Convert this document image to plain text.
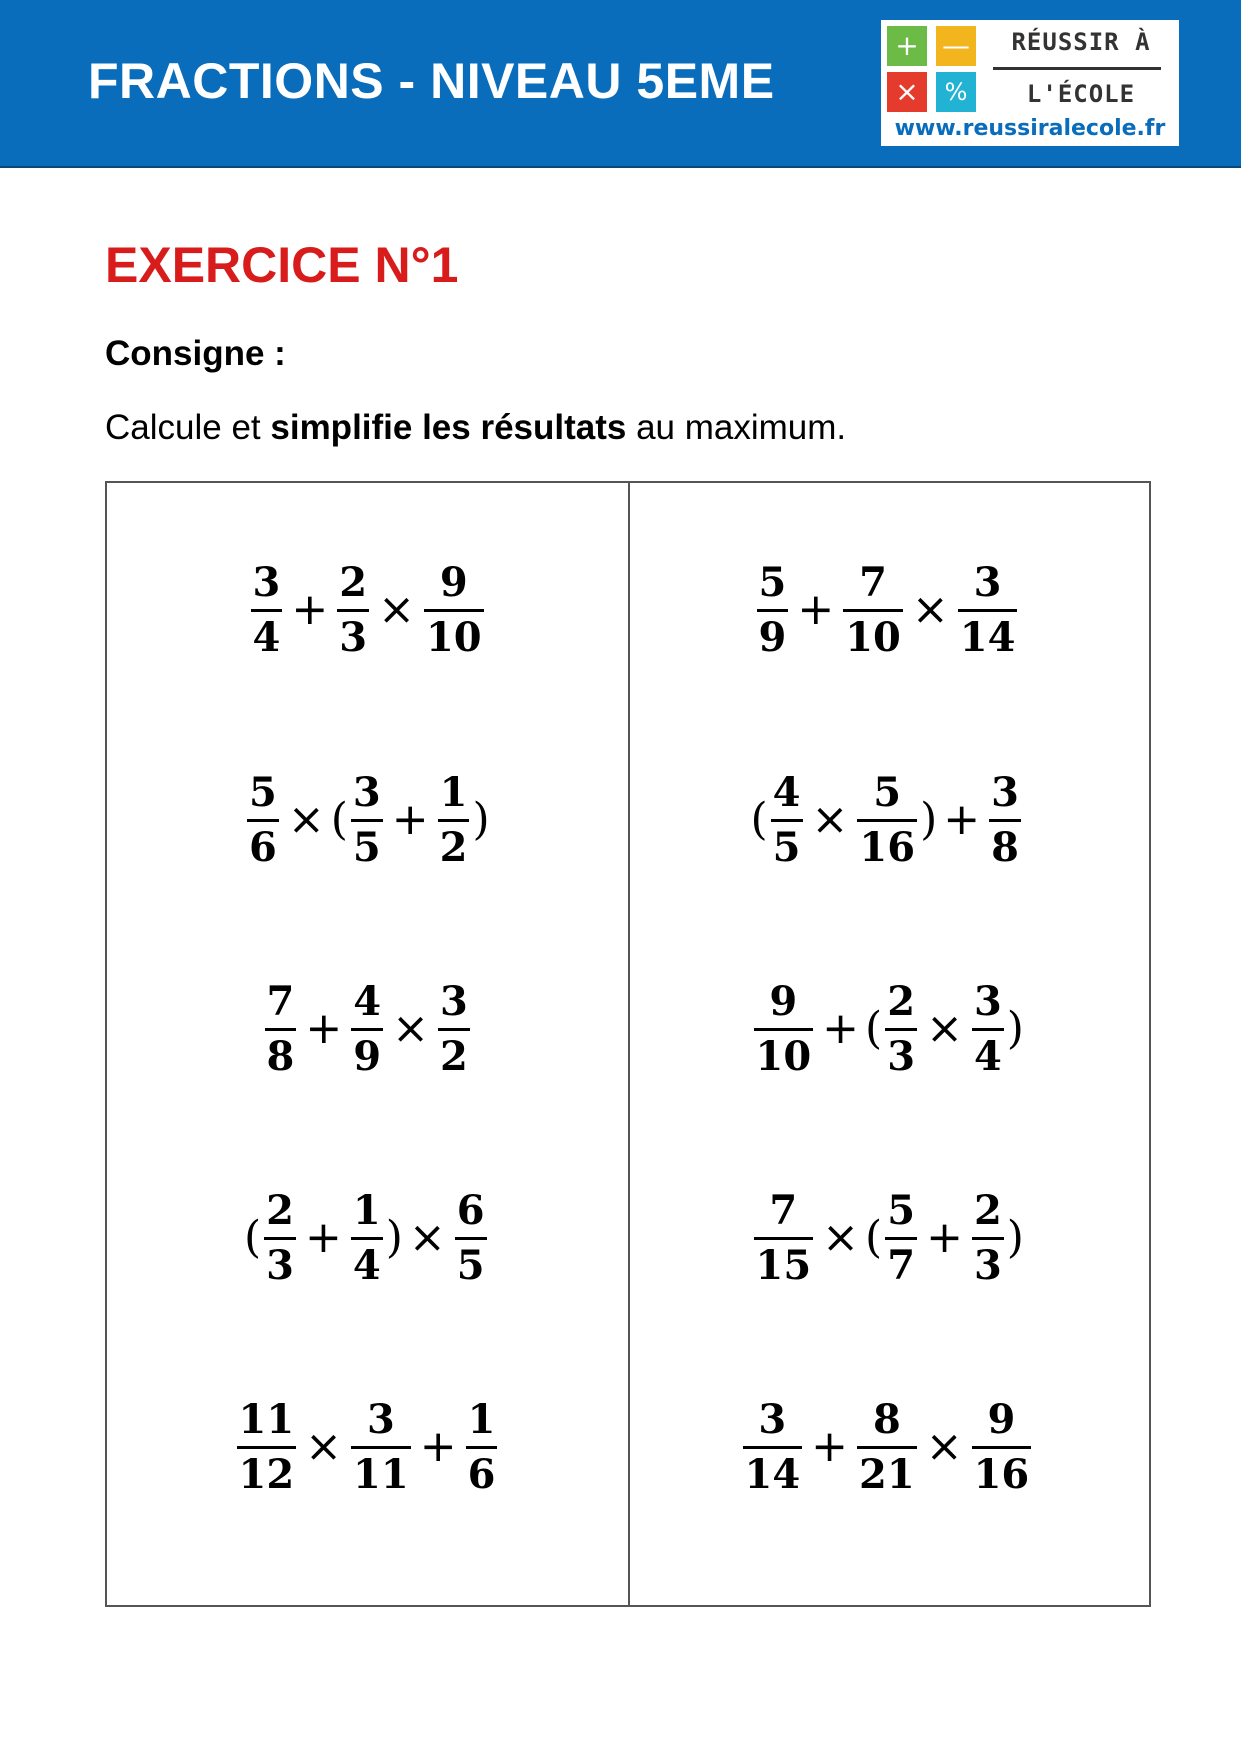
FRACTIONS - NIVEAU 5EME
+ —
×	%
RÉUSSIR À
L'ÉCOLE
www.reussiralecole.fr
EXERCICE N°1
Consigne :
Calcule et simplifie les résultats au maximum.
$\frac{3}{4} + \frac{2}{3} \times \frac{9}{10}$
$\frac{5}{6}$ × ( $\frac{3}{5} + \frac{1}{2}$ )
$\frac{7}{8} + \frac{4}{9} \times \frac{3}{2}$
( $\frac{2}{3} + \frac{1}{4}$ ) × $\frac{6}{5}$
$\frac{11}{12} \times \frac{3}{11} + \frac{1}{6}$
$\frac{5}{9} + \frac{7}{10} \times \frac{3}{14}$
( $\frac{4}{5} \times \frac{5}{16}$ ) + $\frac{3}{8}$
$\frac{9}{10}$ + ( $\frac{2}{3} \times \frac{3}{4}$ )
$\frac{7}{15}$ × ( $\frac{5}{7} + \frac{2}{3}$ )
$\frac{3}{14} + \frac{8}{21} \times \frac{9}{16}$
